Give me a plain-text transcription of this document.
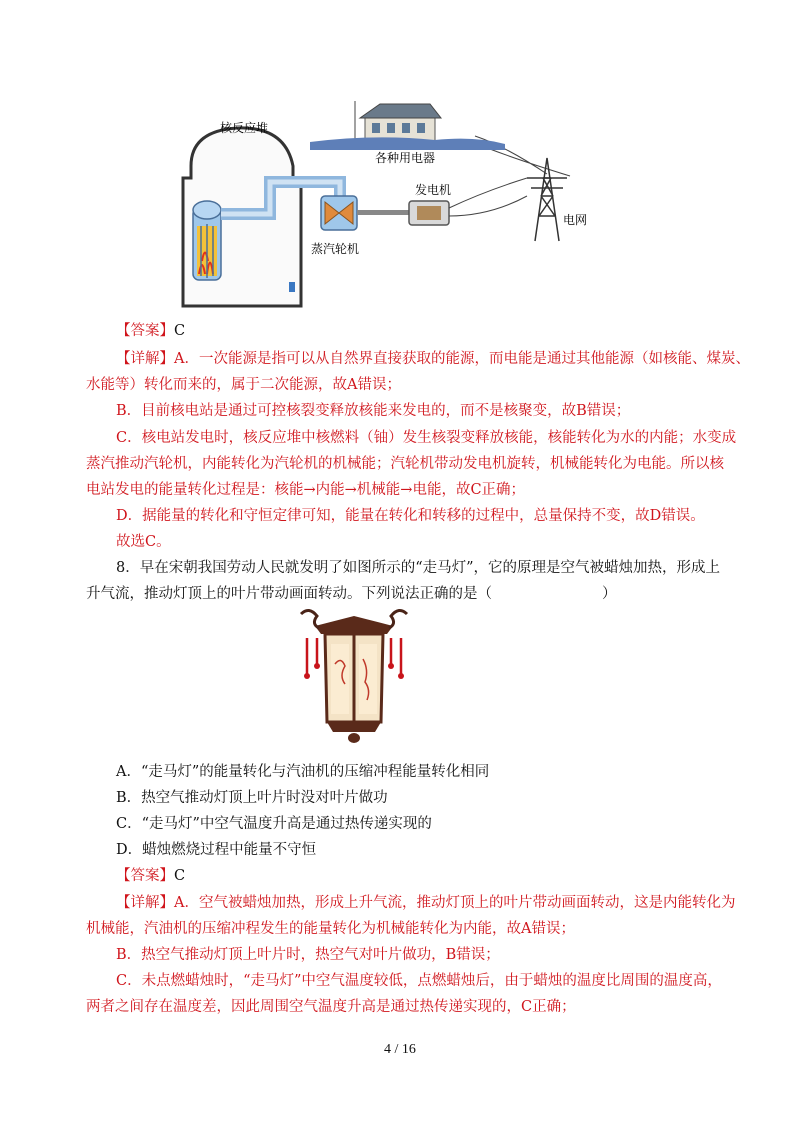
核反应堆
各种用电器
发电机
蒸汽轮机
电网
【答案】C
【详解】A．一次能源是指可以从自然界直接获取的能源，而电能是通过其他能源（如核能、煤炭、
水能等）转化而来的，属于二次能源，故A错误；
B．目前核电站是通过可控核裂变释放核能来发电的，而不是核聚变，故B错误；
C．核电站发电时，核反应堆中核燃料（铀）发生核裂变释放核能，核能转化为水的内能；水变成
蒸汽推动汽轮机，内能转化为汽轮机的机械能；汽轮机带动发电机旋转，机械能转化为电能。所以核
电站发电的能量转化过程是：核能→内能→机械能→电能，故C正确；
D．据能量的转化和守恒定律可知，能量在转化和转移的过程中，总量保持不变，故D错误。
故选C。
8．早在宋朝我国劳动人民就发明了如图所示的“走马灯”，它的原理是空气被蜡烛加热，形成上
升气流，推动灯顶上的叶片带动画面转动。下列说法正确的是（	）
A．“走马灯”的能量转化与汽油机的压缩冲程能量转化相同
B．热空气推动灯顶上叶片时没对叶片做功
C．“走马灯”中空气温度升高是通过热传递实现的
D．蜡烛燃烧过程中能量不守恒
【答案】C
【详解】A．空气被蜡烛加热，形成上升气流，推动灯顶上的叶片带动画面转动，这是内能转化为
机械能，汽油机的压缩冲程发生的能量转化为机械能转化为内能，故A错误；
B．热空气推动灯顶上叶片时，热空气对叶片做功，B错误；
C．未点燃蜡烛时，“走马灯”中空气温度较低，点燃蜡烛后，由于蜡烛的温度比周围的温度高，
两者之间存在温度差，因此周围空气温度升高是通过热传递实现的，C正确；
4 / 16
